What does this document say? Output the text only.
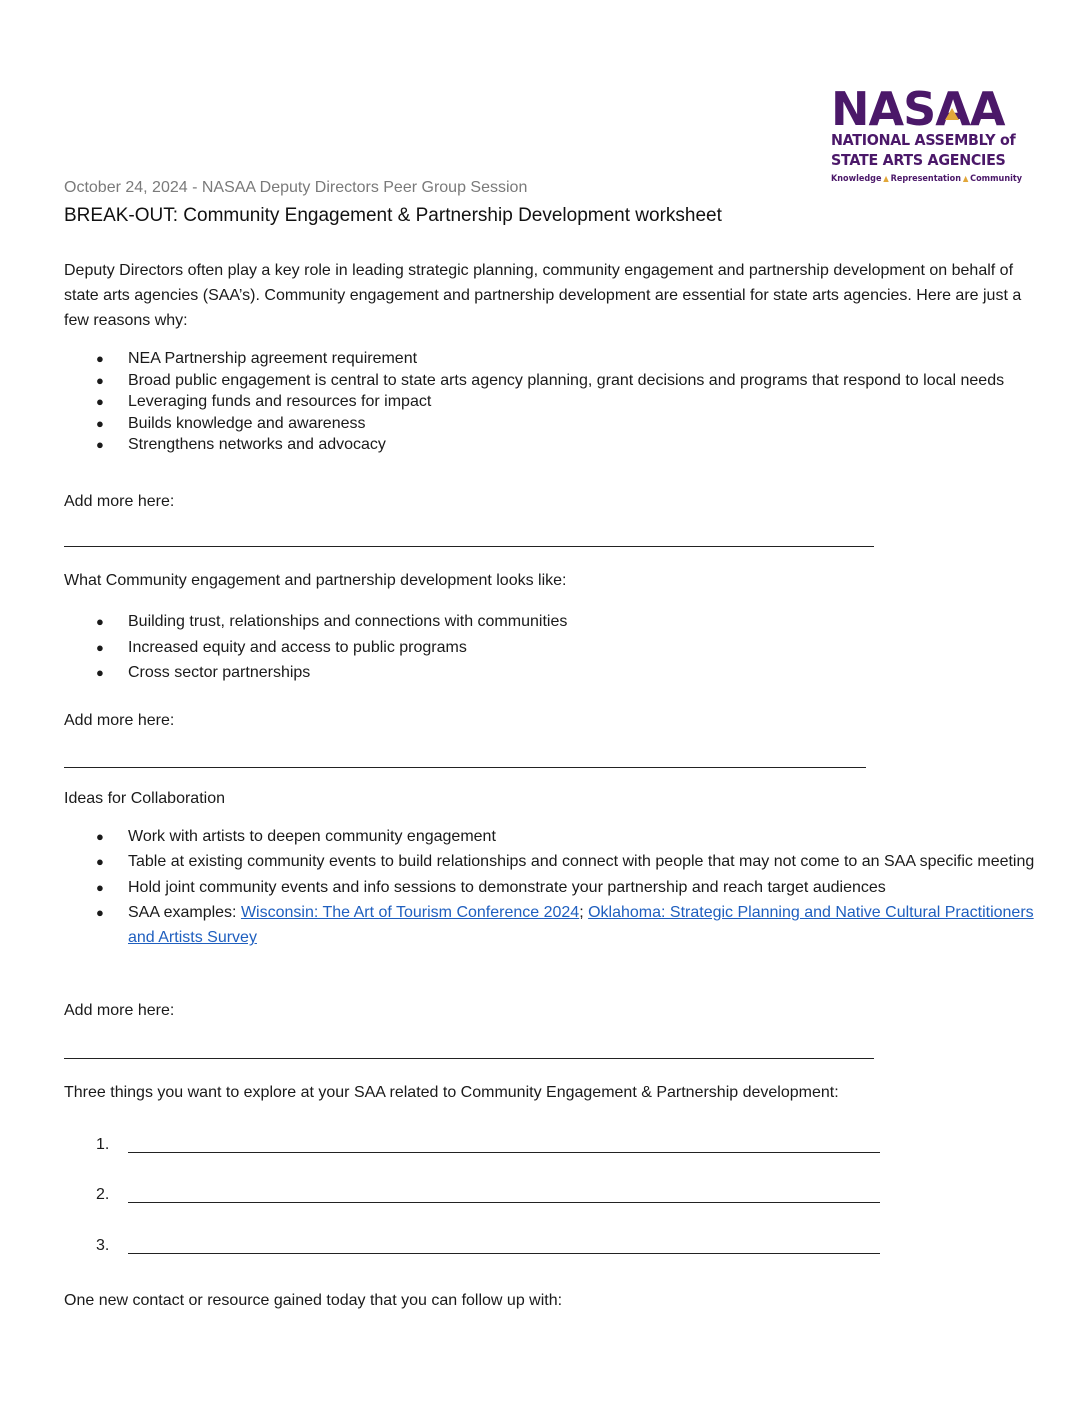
NASAA
NATIONAL ASSEMBLY of
STATE ARTS AGENCIES
Knowledge ▲ Representation ▲ Community
October 24, 2024 - NASAA Deputy Directors Peer Group Session
BREAK-OUT: Community Engagement & Partnership Development worksheet
Deputy Directors often play a key role in leading strategic planning, community engagement and partnership development on behalf of state arts agencies (SAA’s). Community engagement and partnership development are essential for state arts agencies. Here are just a few reasons why:
● NEA Partnership agreement requirement
● Broad public engagement is central to state arts agency planning, grant decisions and programs that respond to local needs
● Leveraging funds and resources for impact
● Builds knowledge and awareness
● Strengthens networks and advocacy
Add more here:
What Community engagement and partnership development looks like:
● Building trust, relationships and connections with communities
● Increased equity and access to public programs
● Cross sector partnerships
Add more here:
Ideas for Collaboration
● Work with artists to deepen community engagement
● Table at existing community events to build relationships and connect with people that may not come to an SAA specific meeting
● Hold joint community events and info sessions to demonstrate your partnership and reach target audiences
● SAA examples: Wisconsin: The Art of Tourism Conference 2024; Oklahoma: Strategic Planning and Native Cultural Practitioners and Artists Survey
Add more here:
Three things you want to explore at your SAA related to Community Engagement & Partnership development:
1.
2.
3.
One new contact or resource gained today that you can follow up with:
